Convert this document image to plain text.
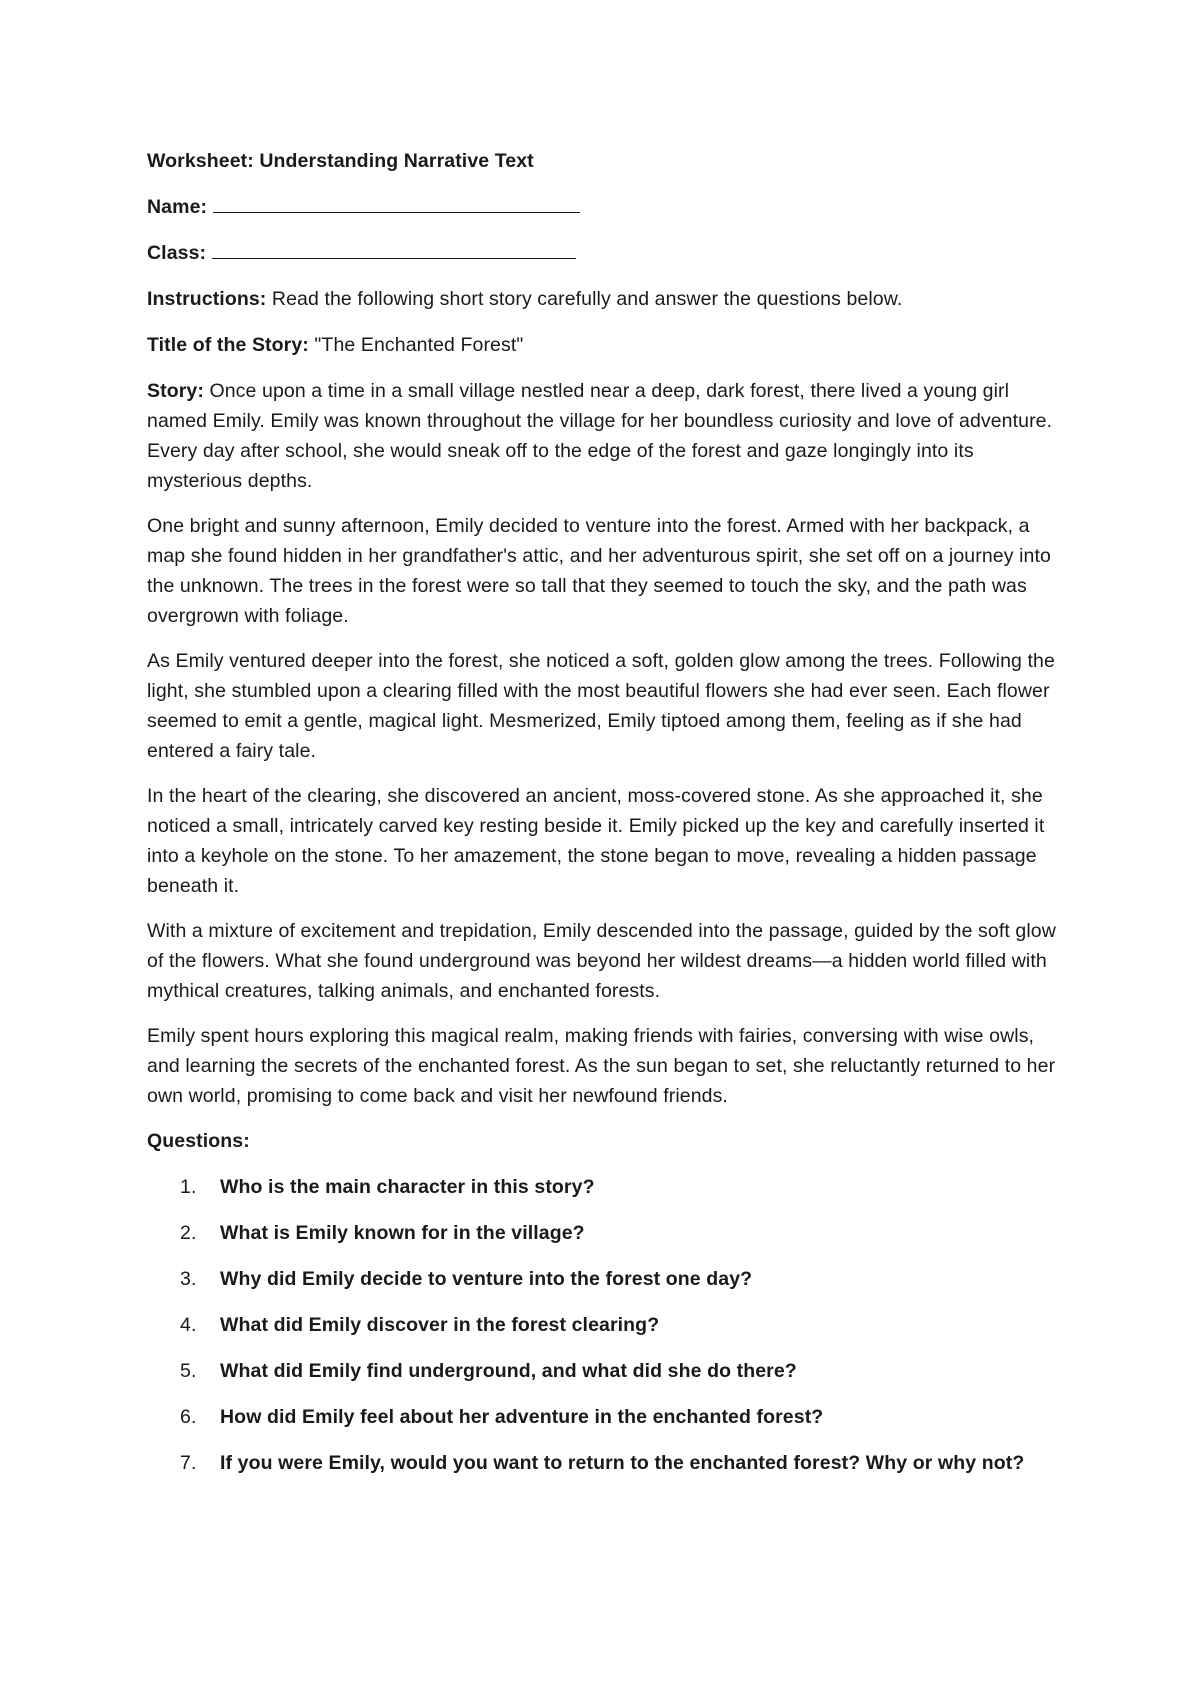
Worksheet: Understanding Narrative Text
Name:
Class:
Instructions: Read the following short story carefully and answer the questions below.
Title of the Story: "The Enchanted Forest"
Story: Once upon a time in a small village nestled near a deep, dark forest, there lived a young girl named Emily. Emily was known throughout the village for her boundless curiosity and love of adventure. Every day after school, she would sneak off to the edge of the forest and gaze longingly into its mysterious depths.
One bright and sunny afternoon, Emily decided to venture into the forest. Armed with her backpack, a map she found hidden in her grandfather's attic, and her adventurous spirit, she set off on a journey into the unknown. The trees in the forest were so tall that they seemed to touch the sky, and the path was overgrown with foliage.
As Emily ventured deeper into the forest, she noticed a soft, golden glow among the trees. Following the light, she stumbled upon a clearing filled with the most beautiful flowers she had ever seen. Each flower seemed to emit a gentle, magical light. Mesmerized, Emily tiptoed among them, feeling as if she had entered a fairy tale.
In the heart of the clearing, she discovered an ancient, moss-covered stone. As she approached it, she noticed a small, intricately carved key resting beside it. Emily picked up the key and carefully inserted it into a keyhole on the stone. To her amazement, the stone began to move, revealing a hidden passage beneath it.
With a mixture of excitement and trepidation, Emily descended into the passage, guided by the soft glow of the flowers. What she found underground was beyond her wildest dreams—a hidden world filled with mythical creatures, talking animals, and enchanted forests.
Emily spent hours exploring this magical realm, making friends with fairies, conversing with wise owls, and learning the secrets of the enchanted forest. As the sun began to set, she reluctantly returned to her own world, promising to come back and visit her newfound friends.
Questions:
1. Who is the main character in this story?
2. What is Emily known for in the village?
3. Why did Emily decide to venture into the forest one day?
4. What did Emily discover in the forest clearing?
5. What did Emily find underground, and what did she do there?
6. How did Emily feel about her adventure in the enchanted forest?
7. If you were Emily, would you want to return to the enchanted forest? Why or why not?
